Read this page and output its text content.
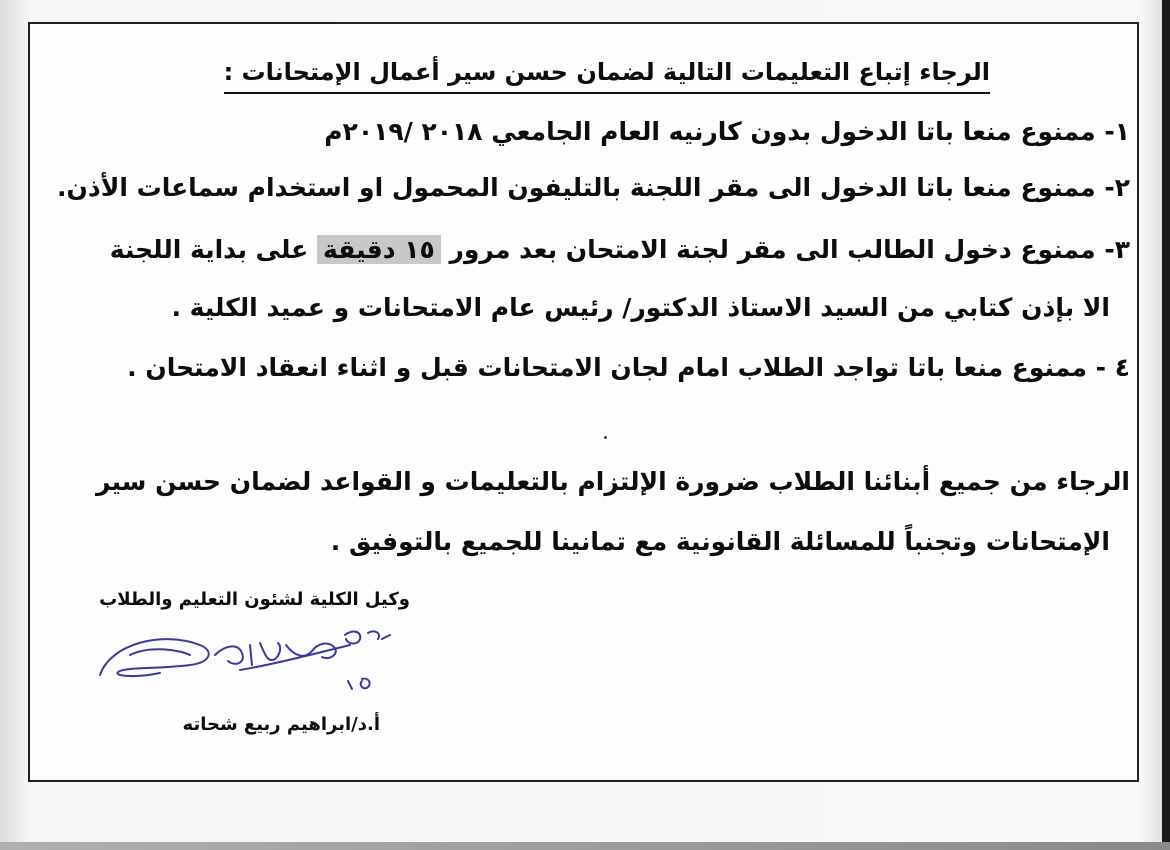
الرجاء إتباع التعليمات التالية لضمان حسن سير أعمال الإمتحانات :
١- ممنوع منعا باتا الدخول بدون كارنيه العام الجامعي ٢٠١٨ /٢٠١٩م
٢- ممنوع منعا باتا الدخول الى مقر اللجنة بالتليفون المحمول او استخدام سماعات الأذن.
٣- ممنوع دخول الطالب الى مقر لجنة الامتحان بعد مرور ١٥ دقيقة على بداية اللجنة
الا بإذن كتابي من السيد الاستاذ الدكتور/ رئيس عام الامتحانات و عميد الكلية .
٤ - ممنوع منعا باتا تواجد الطلاب امام لجان الامتحانات قبل و اثناء انعقاد الامتحان .
الرجاء من جميع أبنائنا الطلاب ضرورة الإلتزام بالتعليمات و القواعد لضمان حسن سير
الإمتحانات وتجنباً للمسائلة القانونية مع تمانينا للجميع بالتوفيق .
وكيل الكلية لشئون التعليم والطلاب
أ.د/ابراهيم ربيع شحاته
